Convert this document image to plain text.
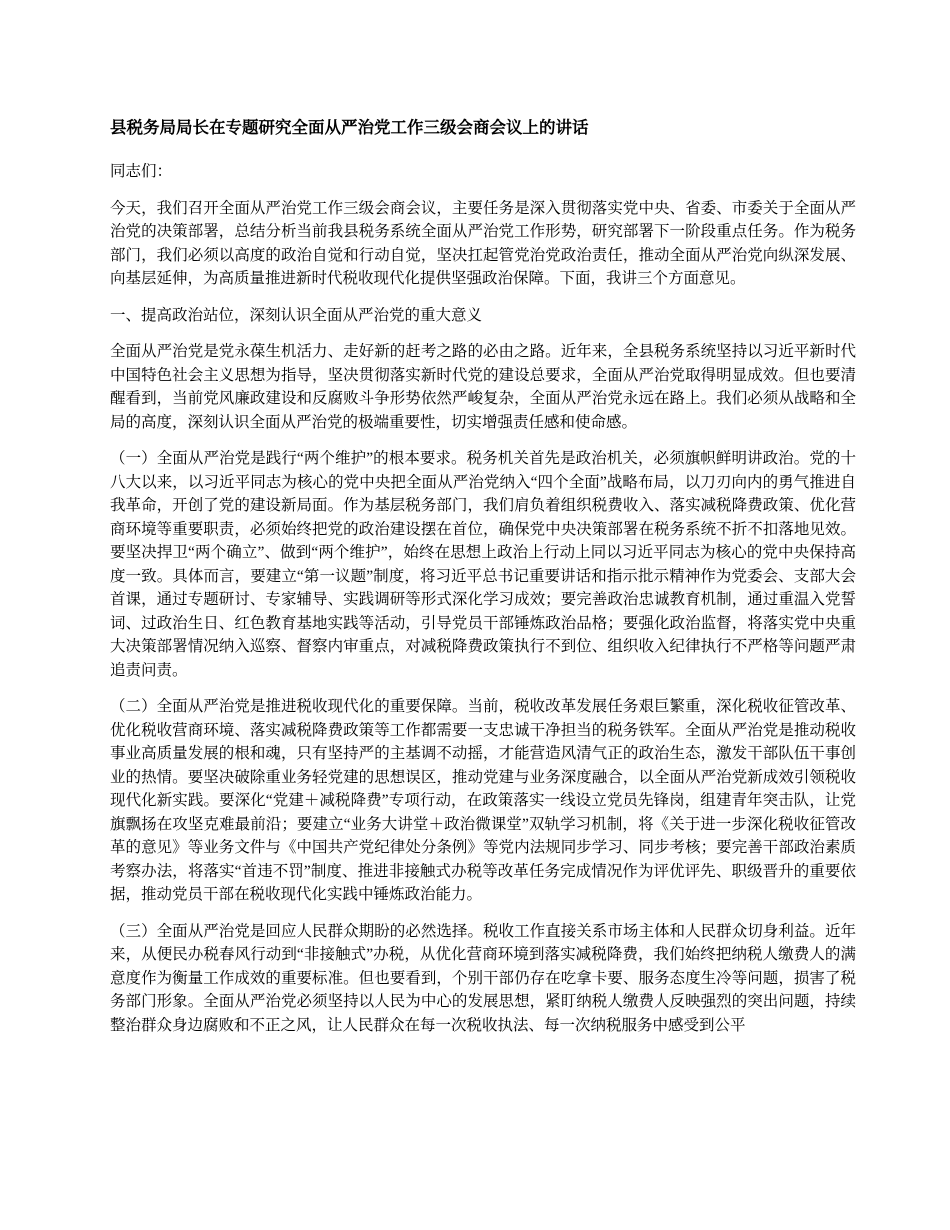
县税务局局长在专题研究全面从严治党工作三级会商会议上的讲话

同志们：

今天，我们召开全面从严治党工作三级会商会议，主要任务是深入贯彻落实党中央、省委、市委关于全面从严治党的决策部署，总结分析当前我县税务系统全面从严治党工作形势，研究部署下一阶段重点任务。作为税务部门，我们必须以高度的政治自觉和行动自觉，坚决扛起管党治党政治责任，推动全面从严治党向纵深发展、向基层延伸，为高质量推进新时代税收现代化提供坚强政治保障。下面，我讲三个方面意见。

一、提高政治站位，深刻认识全面从严治党的重大意义

全面从严治党是党永葆生机活力、走好新的赶考之路的必由之路。近年来，全县税务系统坚持以习近平新时代中国特色社会主义思想为指导，坚决贯彻落实新时代党的建设总要求，全面从严治党取得明显成效。但也要清醒看到，当前党风廉政建设和反腐败斗争形势依然严峻复杂，全面从严治党永远在路上。我们必须从战略和全局的高度，深刻认识全面从严治党的极端重要性，切实增强责任感和使命感。

（一）全面从严治党是践行“两个维护”的根本要求。税务机关首先是政治机关，必须旗帜鲜明讲政治。党的十八大以来，以习近平同志为核心的党中央把全面从严治党纳入“四个全面”战略布局，以刀刃向内的勇气推进自我革命，开创了党的建设新局面。作为基层税务部门，我们肩负着组织税费收入、落实减税降费政策、优化营商环境等重要职责，必须始终把党的政治建设摆在首位，确保党中央决策部署在税务系统不折不扣落地见效。要坚决捍卫“两个确立”、做到“两个维护”，始终在思想上政治上行动上同以习近平同志为核心的党中央保持高度一致。具体而言，要建立“第一议题”制度，将习近平总书记重要讲话和指示批示精神作为党委会、支部大会首课，通过专题研讨、专家辅导、实践调研等形式深化学习成效；要完善政治忠诚教育机制，通过重温入党誓词、过政治生日、红色教育基地实践等活动，引导党员干部锤炼政治品格；要强化政治监督，将落实党中央重大决策部署情况纳入巡察、督察内审重点，对减税降费政策执行不到位、组织收入纪律执行不严格等问题严肃追责问责。

（二）全面从严治党是推进税收现代化的重要保障。当前，税收改革发展任务艰巨繁重，深化税收征管改革、优化税收营商环境、落实减税降费政策等工作都需要一支忠诚干净担当的税务铁军。全面从严治党是推动税收事业高质量发展的根和魂，只有坚持严的主基调不动摇，才能营造风清气正的政治生态，激发干部队伍干事创业的热情。要坚决破除重业务轻党建的思想误区，推动党建与业务深度融合，以全面从严治党新成效引领税收现代化新实践。要深化“党建＋减税降费”专项行动，在政策落实一线设立党员先锋岗，组建青年突击队，让党旗飘扬在攻坚克难最前沿；要建立“业务大讲堂＋政治微课堂”双轨学习机制，将《关于进一步深化税收征管改革的意见》等业务文件与《中国共产党纪律处分条例》等党内法规同步学习、同步考核；要完善干部政治素质考察办法，将落实“首违不罚”制度、推进非接触式办税等改革任务完成情况作为评优评先、职级晋升的重要依据，推动党员干部在税收现代化实践中锤炼政治能力。

（三）全面从严治党是回应人民群众期盼的必然选择。税收工作直接关系市场主体和人民群众切身利益。近年来，从便民办税春风行动到“非接触式”办税，从优化营商环境到落实减税降费，我们始终把纳税人缴费人的满意度作为衡量工作成效的重要标准。但也要看到，个别干部仍存在吃拿卡要、服务态度生冷等问题，损害了税务部门形象。全面从严治党必须坚持以人民为中心的发展思想，紧盯纳税人缴费人反映强烈的突出问题，持续整治群众身边腐败和不正之风，让人民群众在每一次税收执法、每一次纳税服务中感受到公平
